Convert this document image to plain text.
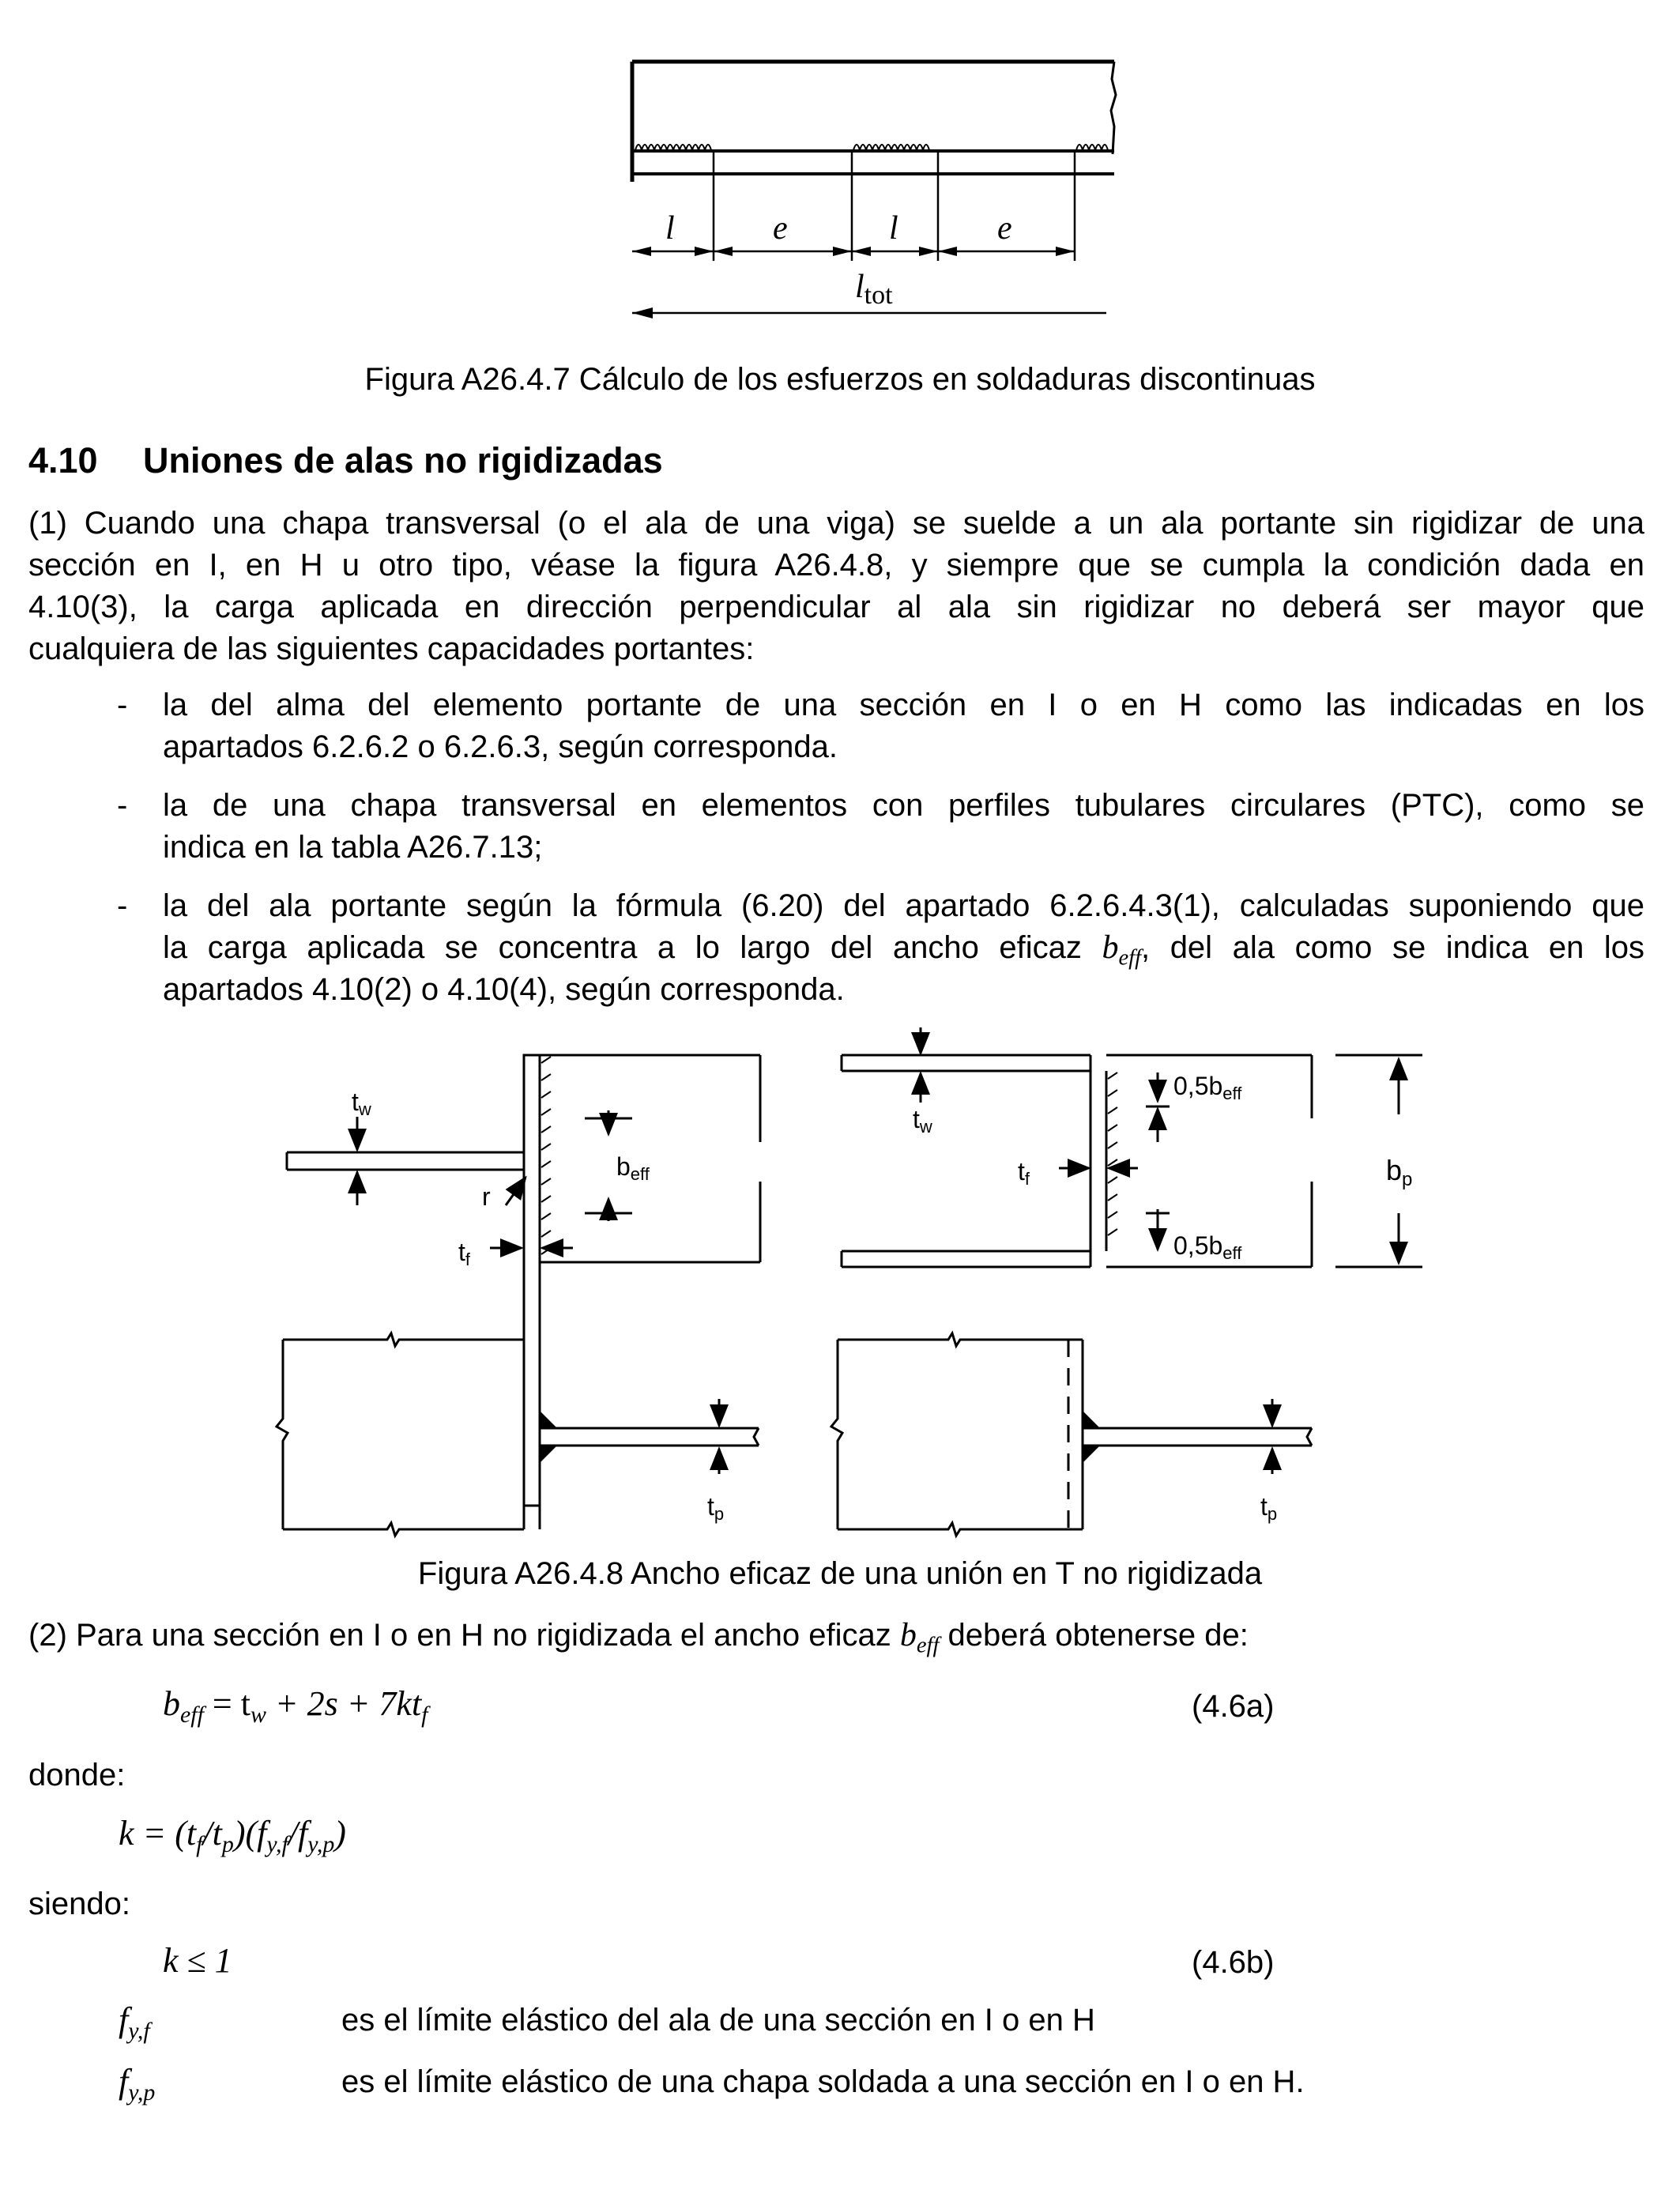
l	e	l	e
ltot
Figura A26.4.7 Cálculo de los esfuerzos en soldaduras discontinuas
4.10 Uniones de alas no rigidizadas
(1) Cuando una chapa transversal (o el ala de una viga) se suelde a un ala portante sin rigidizar de una
sección en I, en H u otro tipo, véase la figura A26.4.8, y siempre que se cumpla la condición dada en
4.10(3), la carga aplicada en dirección perpendicular al ala sin rigidizar no deberá ser mayor que
cualquiera de las siguientes capacidades portantes:
- la del alma del elemento portante de una sección en I o en H como las indicadas en los
apartados 6.2.6.2 o 6.2.6.3, según corresponda.
- la de una chapa transversal en elementos con perfiles tubulares circulares (PTC), como se
indica en la tabla A26.7.13;
- la del ala portante según la fórmula (6.20) del apartado 6.2.6.4.3(1), calculadas suponiendo que
la carga aplicada se concentra a lo largo del ancho eficaz $b_{eff}$, del ala como se indica en los
apartados 4.10(2) o 4.10(4), según corresponda.
tw
beff
r
tf
tw
tf
0,5beff
0,5beff
bp
tp	tp
Figura A26.4.8 Ancho eficaz de una unión en T no rigidizada
(2) Para una sección en I o en H no rigidizada el ancho eficaz $b_{eff}$ deberá obtenerse de:
$b_{eff} = t_w + 2s + 7kt_f$	(4.6a)
donde:
$k = (t_f/t_p)(f_{y,f}/f_{y,p})$
siendo:
k ≤ 1	(4.6b)
$f_{y,f}$	es el límite elástico del ala de una sección en I o en H
$f_{y,p}$	es el límite elástico de una chapa soldada a una sección en I o en H.
